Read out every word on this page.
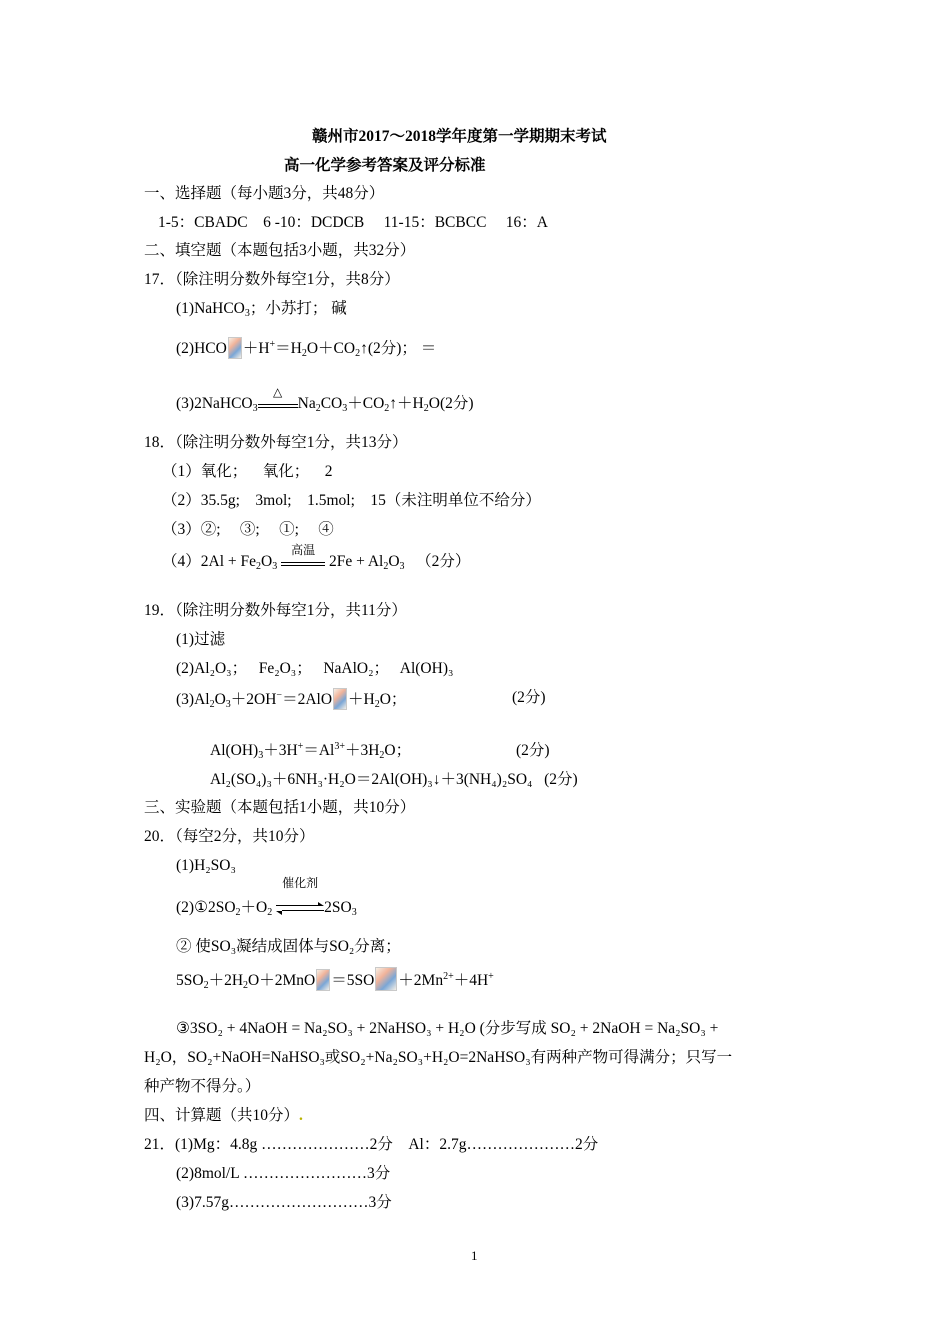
赣州市2017～2018学年度第一学期期末考试
高一化学参考答案及评分标准
一、选择题（每小题3分，共48分）
1-5：CBADC    6 -10：DCDCB     11-15：BCBCC     16：A
二、填空题（本题包括3小题，共32分）
17．（除注明分数外每空1分，共8分）
(1)NaHCO$_3$；小苏打； 碱
$(2)HCO +H^+=H_2O+CO_2↑(2$分)； ＝
(3)2NaHCO$_3$
△
$Na_2CO_3+CO_2↑+H_2O(2$分)
18．（除注明分数外每空1分，共13分）
（1）氧化；    氧化；    2
（2）35.5g;    3mol;    1.5mol;    15（未注明单位不给分）
（3）②;     ③;     ①;     ④
$(4)2Al + Fe_2O_3$
高温
$2Fe + Al_2O_3$ （2分）
19．（除注明分数外每空1分，共11分）
(1)过滤
(2)Al₂O₃；   Fe₂O₃；   NaAlO₂；   Al(OH)₃
$(3)Al_2O_3+2OH^-=2AlO +H_2O$；	(2分)
$Al(OH)_3+3H^+=Al^{3+}+3H_2O$；	(2分)
Al₂(SO₄)₃＋6NH₃·H₂O＝2Al(OH)₃↓＋3(NH₄)₂SO₄   (2分)
三、实验题（本题包括1小题，共10分）
20．（每空2分，共10分）
(1)H₂SO₃
$(2)①2SO_2+O_2$
催化剂
$2SO_3$
② 使SO₃凝结成固体与SO₂分离；
$5SO_2+2H_2O+2MnO =5SO +2Mn^{2+}+4H^+$
③3SO₂ + 4NaOH = Na₂SO₃ + 2NaHSO₃ + H₂O (分步写成 SO₂ + 2NaOH = Na₂SO₃ +
H₂O，SO₂+NaOH=NaHSO₃或SO₂+Na₂SO₃+H₂O=2NaHSO₃有两种产物可得满分；只写一
种产物不得分。）
四、计算题（共10分）.
21．(1)Mg：4.8g …………………2分    Al：2.7g…………………2分
(2)8mol/L ……………………3分
(3)7.57g………………………3分
1
